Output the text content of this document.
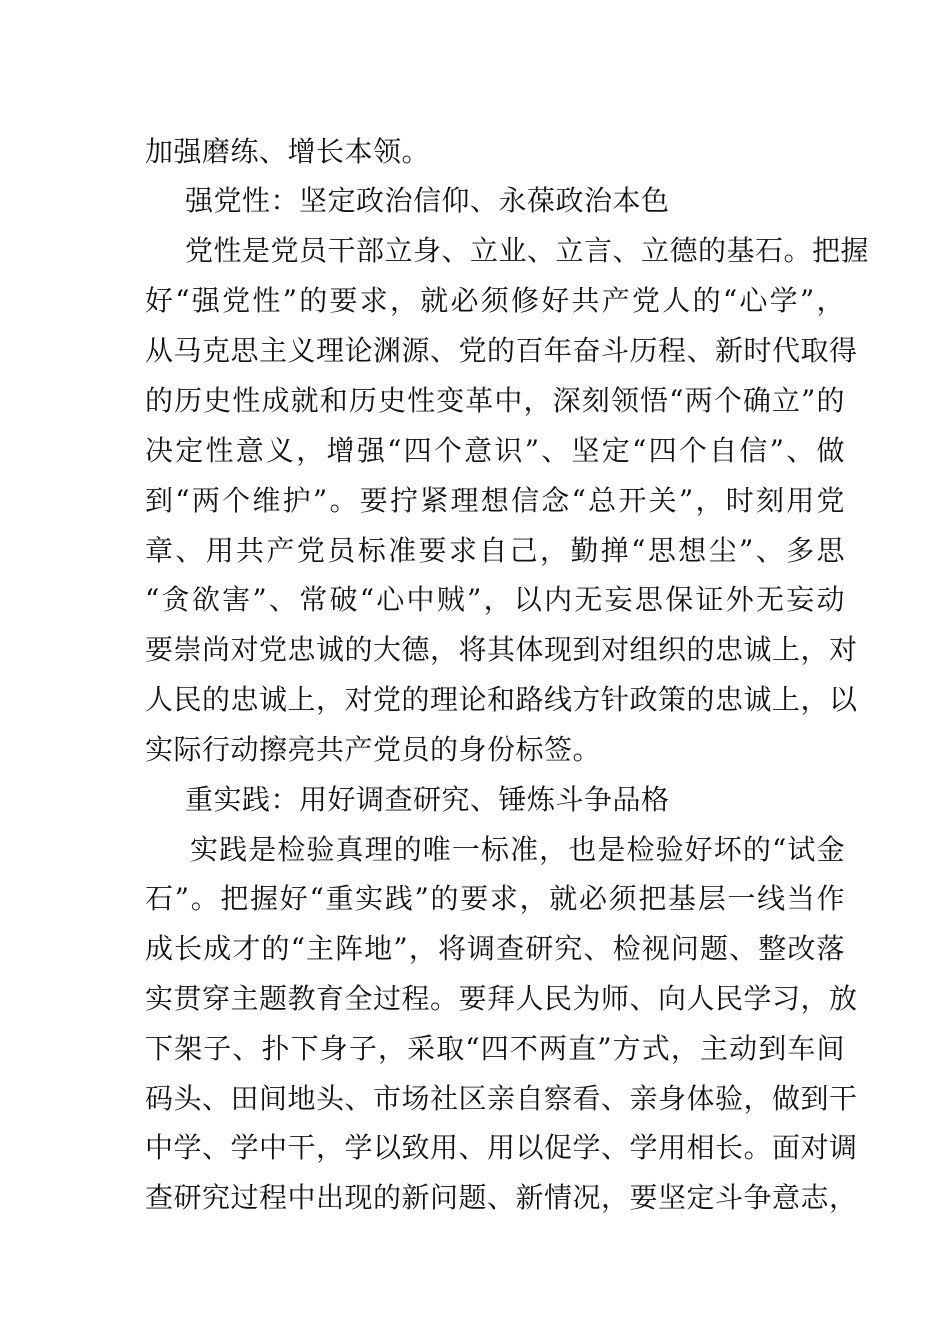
加强磨练、增长本领。
强党性：坚定政治信仰、永葆政治本色
党性是党员干部立身、立业、立言、立德的基石。把握
好“强党性”的要求，就必须修好共产党人的“心学”，
从马克思主义理论渊源、党的百年奋斗历程、新时代取得
的历史性成就和历史性变革中，深刻领悟“两个确立”的
决定性意义，增强“四个意识”、坚定“四个自信”、做
到“两个维护”。要拧紧理想信念“总开关”，时刻用党
章、用共产党员标准要求自己，勤掸“思想尘”、多思
“贪欲害”、常破“心中贼”，以内无妄思保证外无妄动
要崇尚对党忠诚的大德，将其体现到对组织的忠诚上，对
人民的忠诚上，对党的理论和路线方针政策的忠诚上，以
实际行动擦亮共产党员的身份标签。
重实践：用好调查研究、锤炼斗争品格
实践是检验真理的唯一标准，也是检验好坏的“试金
石”。把握好“重实践”的要求，就必须把基层一线当作
成长成才的“主阵地”，将调查研究、检视问题、整改落
实贯穿主题教育全过程。要拜人民为师、向人民学习，放
下架子、扑下身子，采取“四不两直”方式，主动到车间
码头、田间地头、市场社区亲自察看、亲身体验，做到干
中学、学中干，学以致用、用以促学、学用相长。面对调
查研究过程中出现的新问题、新情况，要坚定斗争意志，
